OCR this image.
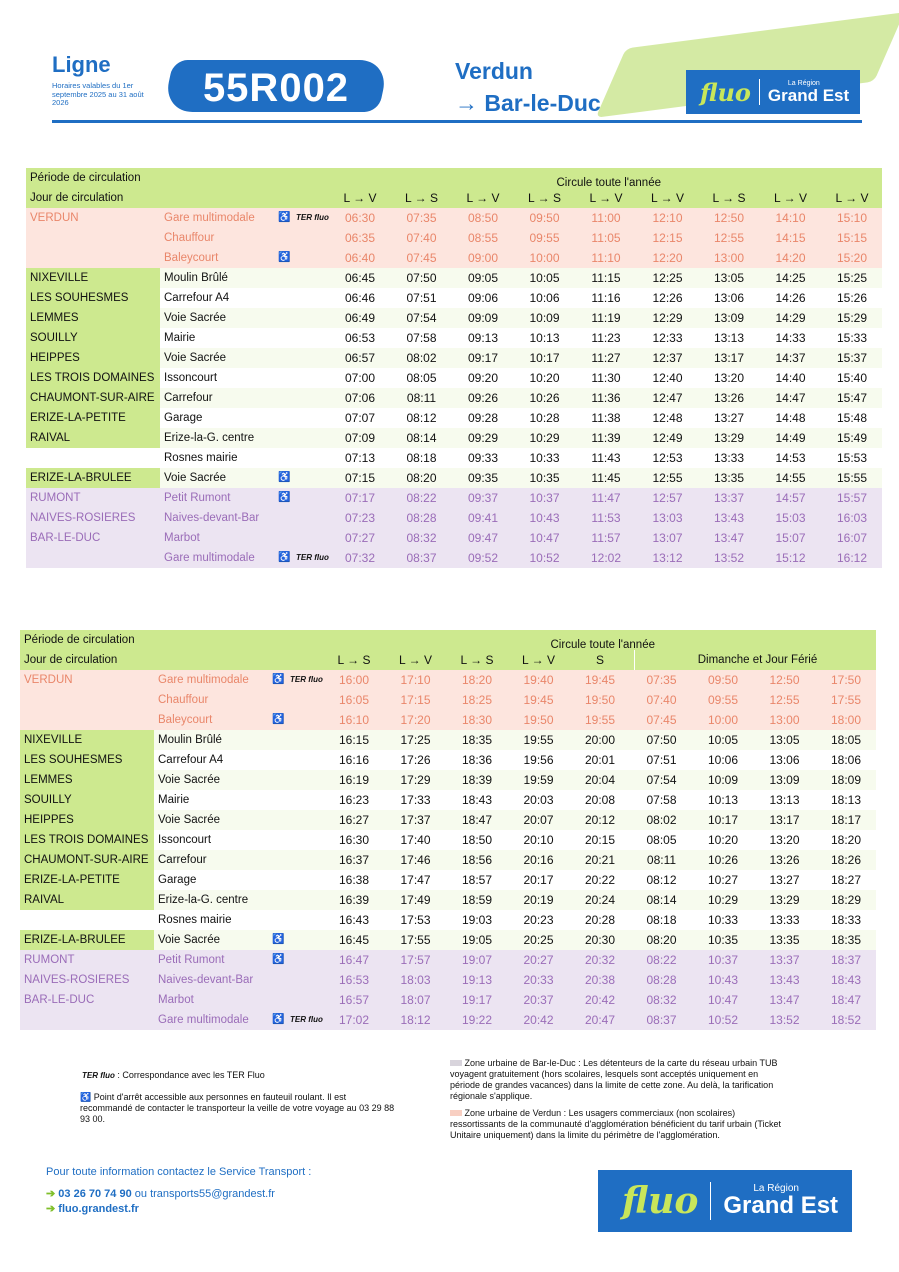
Ligne
Horaires valables du 1er septembre 2025 au 31 août 2026	55R002	Verdun
→ Bar-le-Duc	fluo	La Région
Grand Est
Période de circulation
Jour de circulation
Circule toute l'année
L → V	L → S	L → V	L → S	L → V	L → V	L → S	L → V	L → V
VERDUN	Gare multimodale ♿ TER fluo	06:30	07:35	08:50	09:50	11:00	12:10	12:50	14:10	15:10
Chauffour	06:35	07:40	08:55	09:55	11:05	12:15	12:55	14:15	15:15
Baleycourt	♿	06:40	07:45	09:00	10:00	11:10	12:20	13:00	14:20	15:20
NIXEVILLE	Moulin Brûlé	06:45	07:50	09:05	10:05	11:15	12:25	13:05	14:25	15:25
LES SOUHESMES	Carrefour A4	06:46	07:51	09:06	10:06	11:16	12:26	13:06	14:26	15:26
LEMMES	Voie Sacrée	06:49	07:54	09:09	10:09	11:19	12:29	13:09	14:29	15:29
SOUILLY	Mairie	06:53	07:58	09:13	10:13	11:23	12:33	13:13	14:33	15:33
HEIPPES	Voie Sacrée	06:57	08:02	09:17	10:17	11:27	12:37	13:17	14:37	15:37
LES TROIS DOMAINES Issoncourt	07:00	08:05	09:20	10:20	11:30	12:40	13:20	14:40	15:40
CHAUMONT-SUR-AIRE Carrefour	07:06	08:11	09:26	10:26	11:36	12:47	13:26	14:47	15:47
ERIZE-LA-PETITE	Garage	07:07	08:12	09:28	10:28	11:38	12:48	13:27	14:48	15:48
RAIVAL	Erize-la-G. centre	07:09	08:14	09:29	10:29	11:39	12:49	13:29	14:49	15:49
Rosnes mairie	07:13	08:18	09:33	10:33	11:43	12:53	13:33	14:53	15:53
ERIZE-LA-BRULEE	Voie Sacrée	♿	07:15	08:20	09:35	10:35	11:45	12:55	13:35	14:55	15:55
RUMONT	Petit Rumont	♿	07:17	08:22	09:37	10:37	11:47	12:57	13:37	14:57	15:57
NAIVES-ROSIERES Naives-devant-Bar	07:23	08:28	09:41	10:43	11:53	13:03	13:43	15:03	16:03
BAR-LE-DUC	Marbot	07:27	08:32	09:47	10:47	11:57	13:07	13:47	15:07	16:07
Gare multimodale ♿ TER fluo	07:32	08:37	09:52	10:52	12:02	13:12	13:52	15:12	16:12
Période de circulation
Jour de circulation
Circule toute l'année
L → S	L → V	L → S	L → V	S	Dimanche et Jour Férié
VERDUN	Gare multimodale ♿ TER fluo	16:00	17:10	18:20	19:40	19:45	07:35	09:50	12:50	17:50
Chauffour	16:05	17:15	18:25	19:45	19:50	07:40	09:55	12:55	17:55
Baleycourt	♿	16:10	17:20	18:30	19:50	19:55	07:45	10:00	13:00	18:00
NIXEVILLE	Moulin Brûlé	16:15	17:25	18:35	19:55	20:00	07:50	10:05	13:05	18:05
LES SOUHESMES	Carrefour A4	16:16	17:26	18:36	19:56	20:01	07:51	10:06	13:06	18:06
LEMMES	Voie Sacrée	16:19	17:29	18:39	19:59	20:04	07:54	10:09	13:09	18:09
SOUILLY	Mairie	16:23	17:33	18:43	20:03	20:08	07:58	10:13	13:13	18:13
HEIPPES	Voie Sacrée	16:27	17:37	18:47	20:07	20:12	08:02	10:17	13:17	18:17
LES TROIS DOMAINES Issoncourt	16:30	17:40	18:50	20:10	20:15	08:05	10:20	13:20	18:20
CHAUMONT-SUR-AIRE Carrefour	16:37	17:46	18:56	20:16	20:21	08:11	10:26	13:26	18:26
ERIZE-LA-PETITE	Garage	16:38	17:47	18:57	20:17	20:22	08:12	10:27	13:27	18:27
RAIVAL	Erize-la-G. centre	16:39	17:49	18:59	20:19	20:24	08:14	10:29	13:29	18:29
Rosnes mairie	16:43	17:53	19:03	20:23	20:28	08:18	10:33	13:33	18:33
ERIZE-LA-BRULEE	Voie Sacrée	♿	16:45	17:55	19:05	20:25	20:30	08:20	10:35	13:35	18:35
RUMONT	Petit Rumont	♿	16:47	17:57	19:07	20:27	20:32	08:22	10:37	13:37	18:37
NAIVES-ROSIERES Naives-devant-Bar	16:53	18:03	19:13	20:33	20:38	08:28	10:43	13:43	18:43
BAR-LE-DUC	Marbot	16:57	18:07	19:17	20:37	20:42	08:32	10:47	13:47	18:47
Gare multimodale ♿ TER fluo	17:02	18:12	19:22	20:42	20:47	08:37	10:52	13:52	18:52
TER fluo : Correspondance avec les TER Fluo
♿ Point d'arrêt accessible aux personnes en fauteuil roulant. Il est recommandé de contacter le transporteur la veille de votre voyage au 03 29 88 93 00.
Zone urbaine de Bar-le-Duc : Les détenteurs de la carte du réseau urbain TUB voyagent gratuitement (hors scolaires, lesquels sont acceptés uniquement en période de grandes vacances) dans la limite de cette zone. Au delà, la tarification régionale s'applique.
Zone urbaine de Verdun : Les usagers commerciaux (non scolaires) ressortissants de la communauté d'agglomération bénéficient du tarif urbain (Ticket Unitaire uniquement) dans la limite du périmètre de l'agglomération.
Pour toute information contactez le Service Transport :
➔ 03 26 70 74 90 ou transports55@grandest.fr
➔ fluo.grandest.fr	fluo	La Région
Grand Est
